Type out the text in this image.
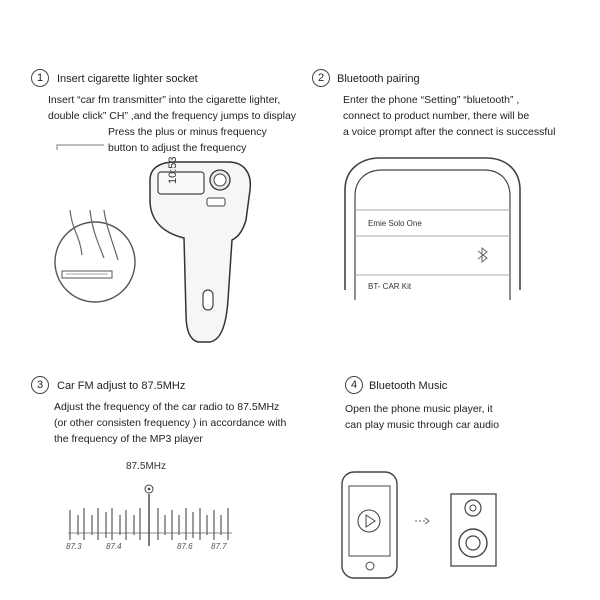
1	Insert cigarette lighter socket
Insert “car fm transmitter” into the cigarette lighter,
double click” CH” ,and the frequency jumps to display
Press the plus or minus frequency
button to adjust the frequency
10:53
2	Bluetooth pairing
Enter the phone “Setting” “bluetooth” ,
connect to product number, there will be
a voice prompt after the connect is successful
Emie Solo One
BT- CAR Kit
3	Car FM adjust to 87.5MHz
Adjust the frequency of the car radio to 87.5MHz
(or other consisten frequency ) in accordance with
the frequency of the MP3 player
87.5MHz
87.3	87.4	87.6 87.7
4	Bluetooth Music
Open the phone music player, it
can play music through car audio
